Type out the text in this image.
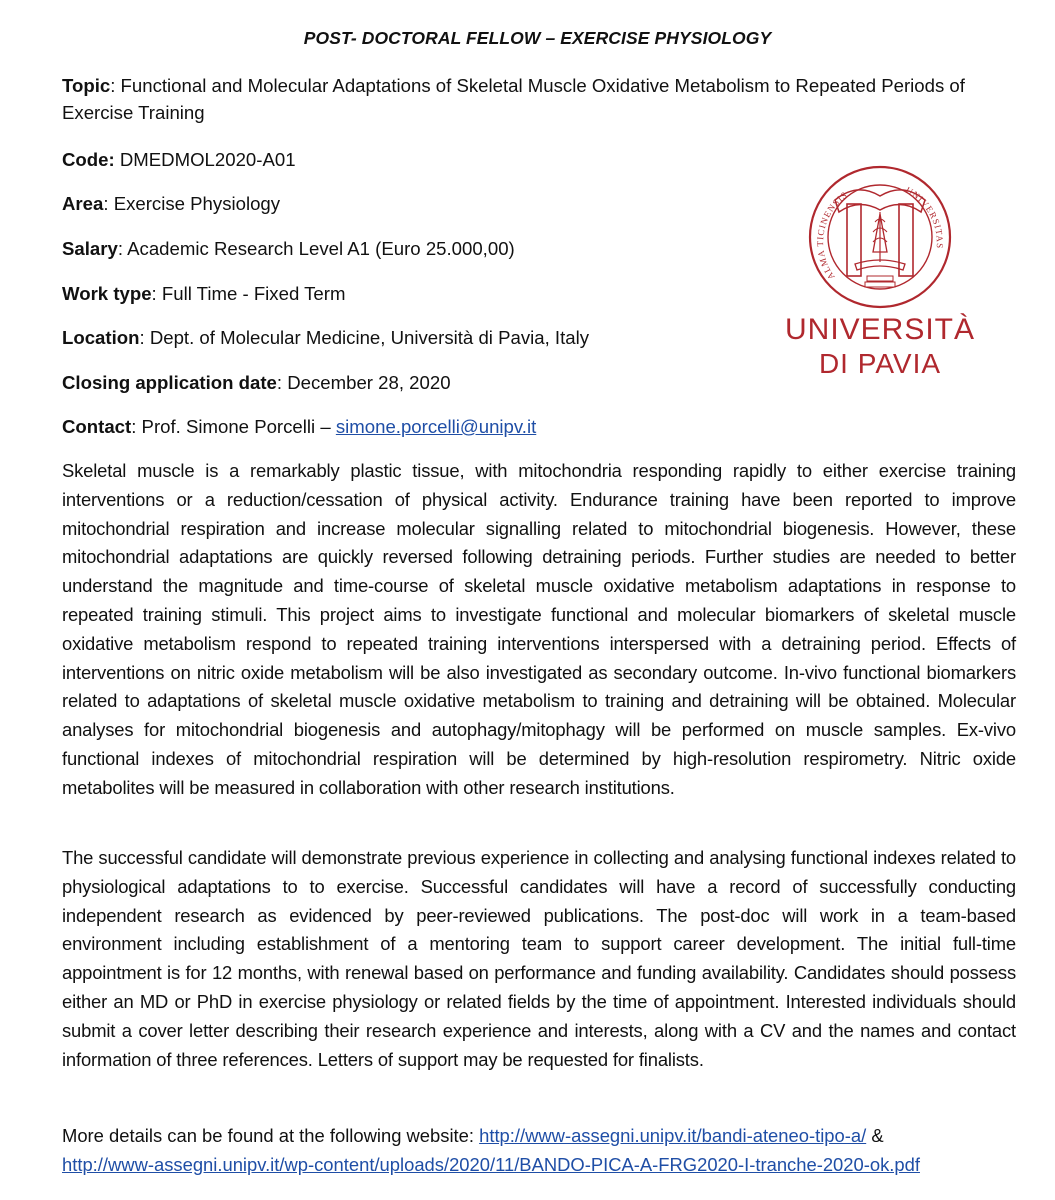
POST- DOCTORAL FELLOW – EXERCISE PHYSIOLOGY
Topic: Functional and Molecular Adaptations of Skeletal Muscle Oxidative Metabolism to Repeated Periods of Exercise Training
Code: DMEDMOL2020-A01
Area: Exercise Physiology
Salary: Academic Research Level A1 (Euro 25.000,00)
Work type: Full Time - Fixed Term
Location: Dept. of Molecular Medicine, Università di Pavia, Italy
Closing application date: December 28, 2020
Contact: Prof. Simone Porcelli – simone.porcelli@unipv.it
ALMA TICINENSIS	UNIVERSITAS
UNIVERSITÀ
DI PAVIA

Skeletal muscle is a remarkably plastic tissue, with mitochondria responding rapidly to either exercise training interventions or a reduction/cessation of physical activity. Endurance training have been reported to improve mitochondrial respiration and increase molecular signalling related to mitochondrial biogenesis. However, these mitochondrial adaptations are quickly reversed following detraining periods. Further studies are needed to better understand the magnitude and time-course of skeletal muscle oxidative metabolism adaptations in response to repeated training stimuli. This project aims to investigate functional and molecular biomarkers of skeletal muscle oxidative metabolism respond to repeated training interventions interspersed with a detraining period. Effects of interventions on nitric oxide metabolism will be also investigated as secondary outcome. In-vivo functional biomarkers related to adaptations of skeletal muscle oxidative metabolism to training and detraining will be obtained. Molecular analyses for mitochondrial biogenesis and autophagy/mitophagy will be performed on muscle samples. Ex-vivo functional indexes of mitochondrial respiration will be determined by high-resolution respirometry. Nitric oxide metabolites will be measured in collaboration with other research institutions.

The successful candidate will demonstrate previous experience in collecting and analysing functional indexes related to physiological adaptations to to exercise. Successful candidates will have a record of successfully conducting independent research as evidenced by peer-reviewed publications. The post-doc will work in a team-based environment including establishment of a mentoring team to support career development. The initial full-time appointment is for 12 months, with renewal based on performance and funding availability. Candidates should possess either an MD or PhD in exercise physiology or related fields by the time of appointment. Interested individuals should submit a cover letter describing their research experience and interests, along with a CV and the names and contact information of three references. Letters of support may be requested for finalists.

More details can be found at the following website: http://www-assegni.unipv.it/bandi-ateneo-tipo-a/ &
http://www-assegni.unipv.it/wp-content/uploads/2020/11/BANDO-PICA-A-FRG2020-I-tranche-2020-ok.pdf
